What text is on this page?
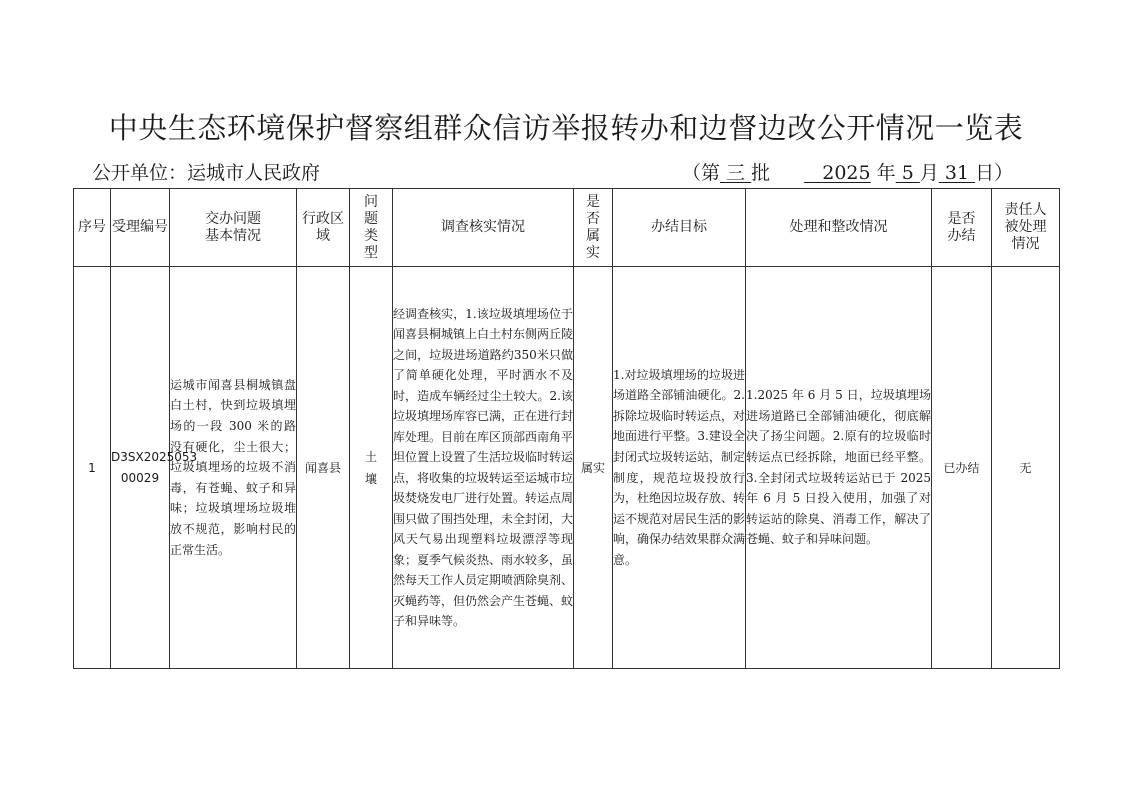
中央生态环境保护督察组群众信访举报转办和边督边改公开情况一览表
公开单位：运城市人民政府	（第 三 批	2025 年 5 月 31 日）
序号	受理编号	交办问题基本情况	行政区域	问题类型	调查核实情况	是否属实	办结目标	处理和整改情况	是否办结	责任人被处理情况
1	D3SX2025053 00029	运城市闻喜县桐城镇盘白土村，快到垃圾填埋场的一段 300 米的路没有硬化，尘土很大；垃圾填埋场的垃圾不消毒，有苍蝇、蚊子和异味；垃圾填埋场垃圾堆放不规范，影响村民的正常生活。	闻喜县	土壤	经调查核实，1.该垃圾填埋场位于闻喜县桐城镇上白土村东侧两丘陵之间，垃圾进场道路约350米只做了简单硬化处理，平时洒水不及时，造成车辆经过尘土较大。2.该垃圾填埋场库容已满，正在进行封库处理。目前在库区顶部西南角平坦位置上设置了生活垃圾临时转运点，将收集的垃圾转运至运城市垃圾焚烧发电厂进行处置。转运点周围只做了围挡处理，未全封闭，大风天气易出现塑料垃圾漂浮等现象；夏季气候炎热、雨水较多，虽然每天工作人员定期喷洒除臭剂、灭蝇药等，但仍然会产生苍蝇、蚊子和异味等。	属实	1.对垃圾填埋场的垃圾进场道路全部铺油硬化。2.拆除垃圾临时转运点，对地面进行平整。3.建设全封闭式垃圾转运站，制定制度，规范垃圾投放行为，杜绝因垃圾存放、转运不规范对居民生活的影响，确保办结效果群众满意。	1.2025 年 6 月 5 日，垃圾填埋场进场道路已全部铺油硬化，彻底解决了扬尘问题。2.原有的垃圾临时转运点已经拆除，地面已经平整。3.全封闭式垃圾转运站已于 2025 年 6 月 5 日投入使用，加强了对转运站的除臭、消毒工作，解决了苍蝇、蚊子和异味问题。	已办结	无
